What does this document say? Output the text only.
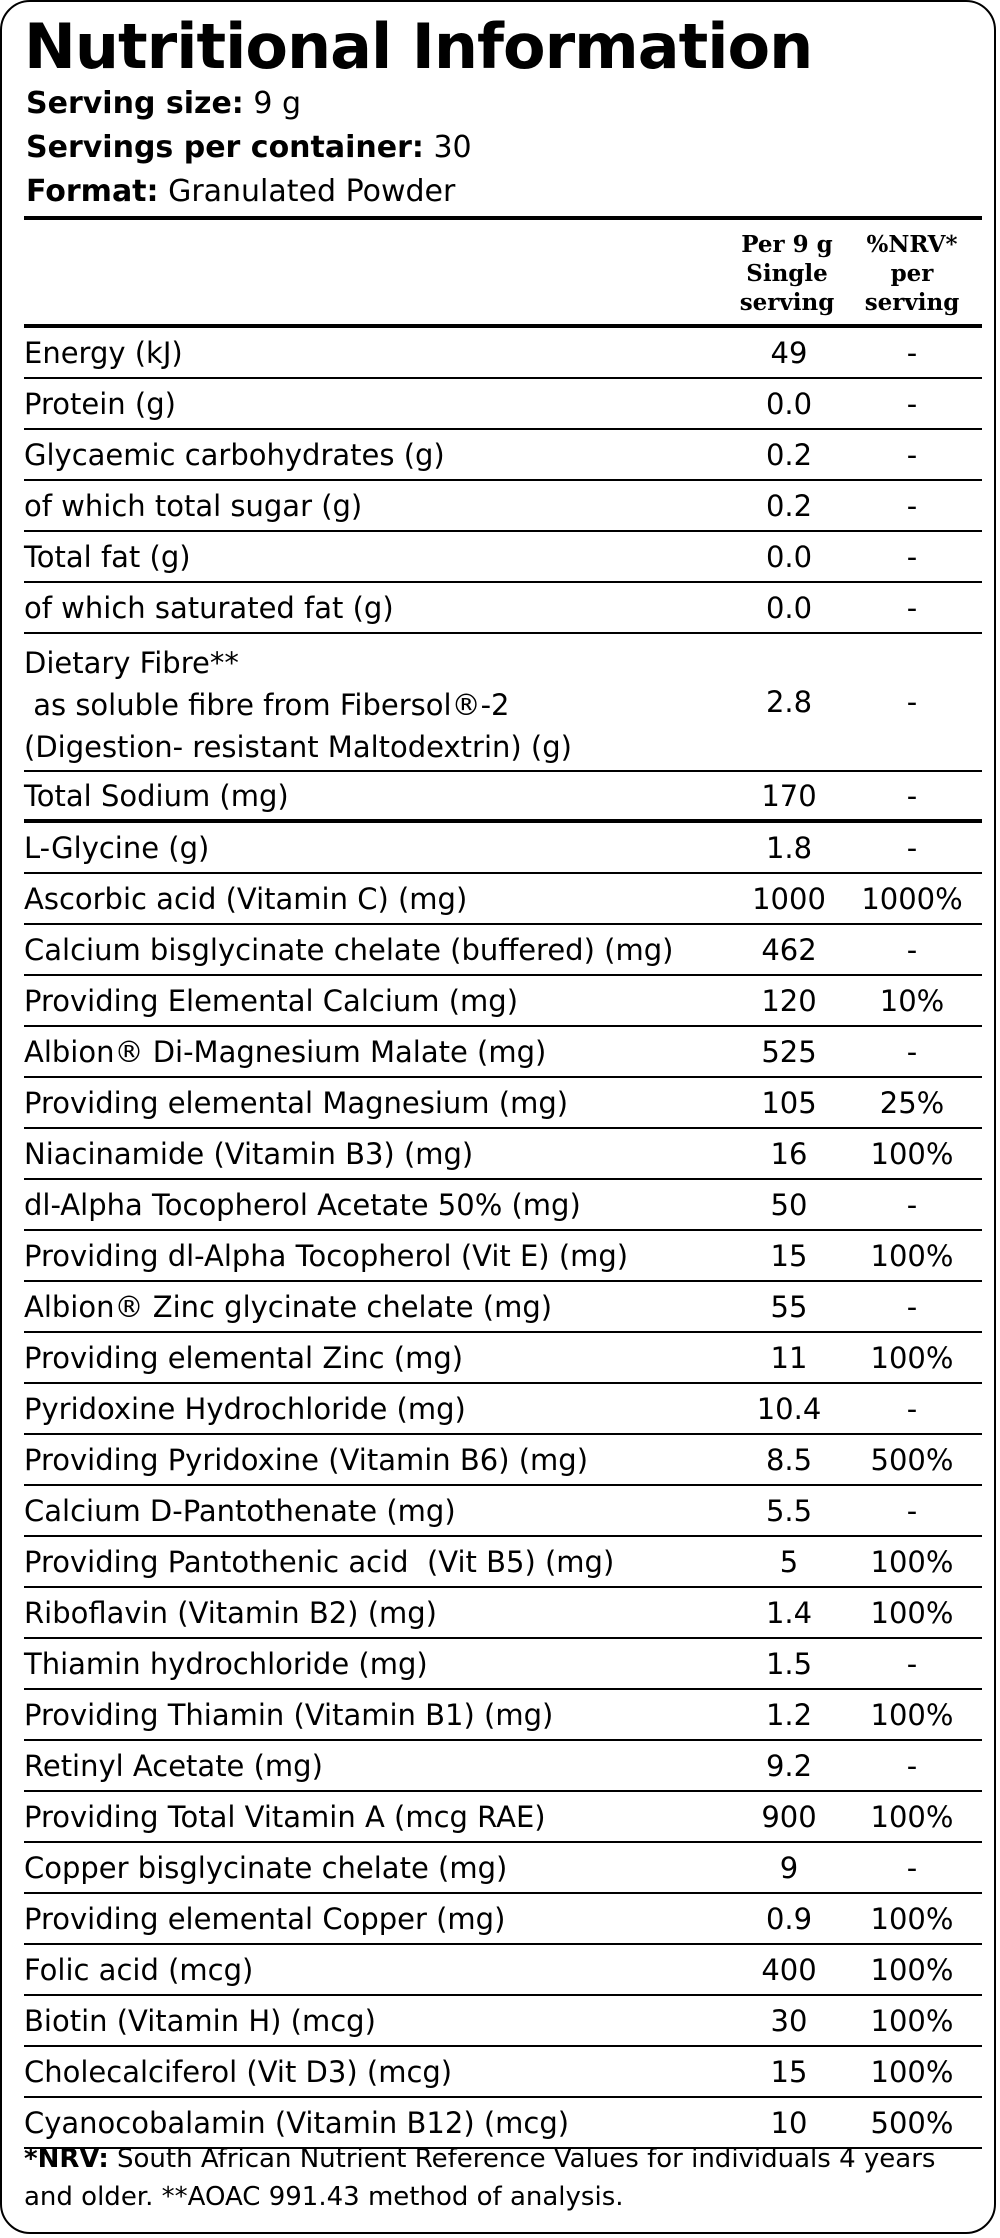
Nutritional Information
Serving size: 9 g
Servings per container: 30
Format: Granulated Powder
Per 9 g
Single
serving
%NRV*
per
serving
Energy (kJ)	49	-
Protein (g)	0.0	-
Glycaemic carbohydrates (g)	0.2	-
of which total sugar (g)	0.2	-
Total fat (g)	0.0	-
of which saturated fat (g)	0.0	-
Dietary Fibre**
as soluble fibre from Fibersol®-2
(Digestion- resistant Maltodextrin) (g)
2.8	-
Total Sodium (mg)	170	-
L-Glycine (g)	1.8	-
Ascorbic acid (Vitamin C) (mg)	1000	1000%
Calcium bisglycinate chelate (buffered) (mg)	462	-
Providing Elemental Calcium (mg)	120	10%
Albion® Di-Magnesium Malate (mg)	525	-
Providing elemental Magnesium (mg)	105	25%
Niacinamide (Vitamin B3) (mg)	16	100%
dl-Alpha Tocopherol Acetate 50% (mg)	50	-
Providing dl-Alpha Tocopherol (Vit E) (mg)	15	100%
Albion® Zinc glycinate chelate (mg)	55	-
Providing elemental Zinc (mg)	11	100%
Pyridoxine Hydrochloride (mg)	10.4	-
Providing Pyridoxine (Vitamin B6) (mg)	8.5	500%
Calcium D-Pantothenate (mg)	5.5	-
Providing Pantothenic acid  (Vit B5) (mg)	5	100%
Riboflavin (Vitamin B2) (mg)	1.4	100%
Thiamin hydrochloride (mg)	1.5	-
Providing Thiamin (Vitamin B1) (mg)	1.2	100%
Retinyl Acetate (mg)	9.2	-
Providing Total Vitamin A (mcg RAE)	900	100%
Copper bisglycinate chelate (mg)	9	-
Providing elemental Copper (mg)	0.9	100%
Folic acid (mcg)	400	100%
Biotin (Vitamin H) (mcg)	30	100%
Cholecalciferol (Vit D3) (mcg)	15	100%
Cyanocobalamin (Vitamin B12) (mcg)	10	500%
*NRV: South African Nutrient Reference Values for individuals 4 years and older. **AOAC 991.43 method of analysis.
